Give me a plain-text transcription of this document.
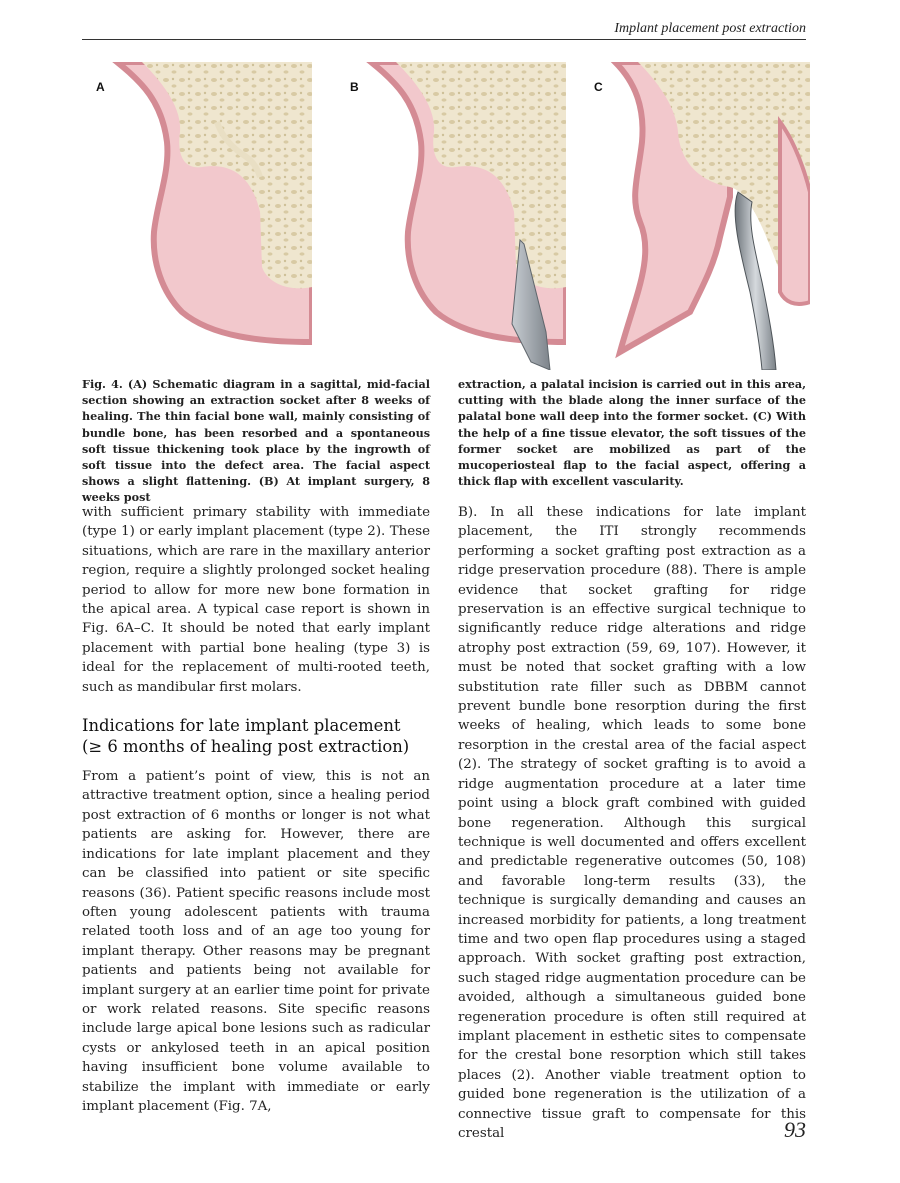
Implant placement post extraction
A	B	C
Fig. 4. (A) Schematic diagram in a sagittal, mid-facial section showing an extraction socket after 8 weeks of healing. The thin facial bone wall, mainly consisting of bundle bone, has been resorbed and a spontaneous soft tissue thickening took place by the ingrowth of soft tissue into the defect area. The facial aspect shows a slight flattening. (B) At implant surgery, 8 weeks post
extraction, a palatal incision is carried out in this area, cutting with the blade along the inner surface of the palatal bone wall deep into the former socket. (C) With the help of a fine tissue elevator, the soft tissues of the former socket are mobilized as part of the mucoperiosteal flap to the facial aspect, offering a thick flap with excellent vascularity.

with sufficient primary stability with immediate (type 1) or early implant placement (type 2). These situations, which are rare in the maxillary anterior region, require a slightly prolonged socket healing period to allow for more new bone formation in the apical area. A typical case report is shown in Fig. 6A–C. It should be noted that early implant placement with partial bone healing (type 3) is ideal for the replacement of multi-rooted teeth, such as mandibular first molars.

Indications for late implant placement
(≥ 6 months of healing post extraction)

From a patient’s point of view, this is not an attractive treatment option, since a healing period post extraction of 6 months or longer is not what patients are asking for. However, there are indications for late implant placement and they can be classified into patient or site specific reasons (36). Patient specific reasons include most often young adolescent patients with trauma related tooth loss and of an age too young for implant therapy. Other reasons may be pregnant patients and patients being not available for implant surgery at an earlier time point for private or work related reasons. Site specific reasons include large apical bone lesions such as radicular cysts or ankylosed teeth in an apical position having insufficient bone volume available to stabilize the implant with immediate or early implant placement (Fig. 7A,

B). In all these indications for late implant placement, the ITI strongly recommends performing a socket grafting post extraction as a ridge preservation procedure (88). There is ample evidence that socket grafting for ridge preservation is an effective surgical technique to significantly reduce ridge alterations and ridge atrophy post extraction (59, 69, 107). However, it must be noted that socket grafting with a low substitution rate filler such as DBBM cannot prevent bundle bone resorption during the first weeks of healing, which leads to some bone resorption in the crestal area of the facial aspect (2). The strategy of socket grafting is to avoid a ridge augmentation procedure at a later time point using a block graft combined with guided bone regeneration. Although this surgical technique is well documented and offers excellent and predictable regenerative outcomes (50, 108) and favorable long-term results (33), the technique is surgically demanding and causes an increased morbidity for patients, a long treatment time and two open flap procedures using a staged approach. With socket grafting post extraction, such staged ridge augmentation procedure can be avoided, although a simultaneous guided bone regeneration procedure is often still required at implant placement in esthetic sites to compensate for the crestal bone resorption which still takes places (2). Another viable treatment option to guided bone regeneration is the utilization of a connective tissue graft to compensate for this crestal	93
